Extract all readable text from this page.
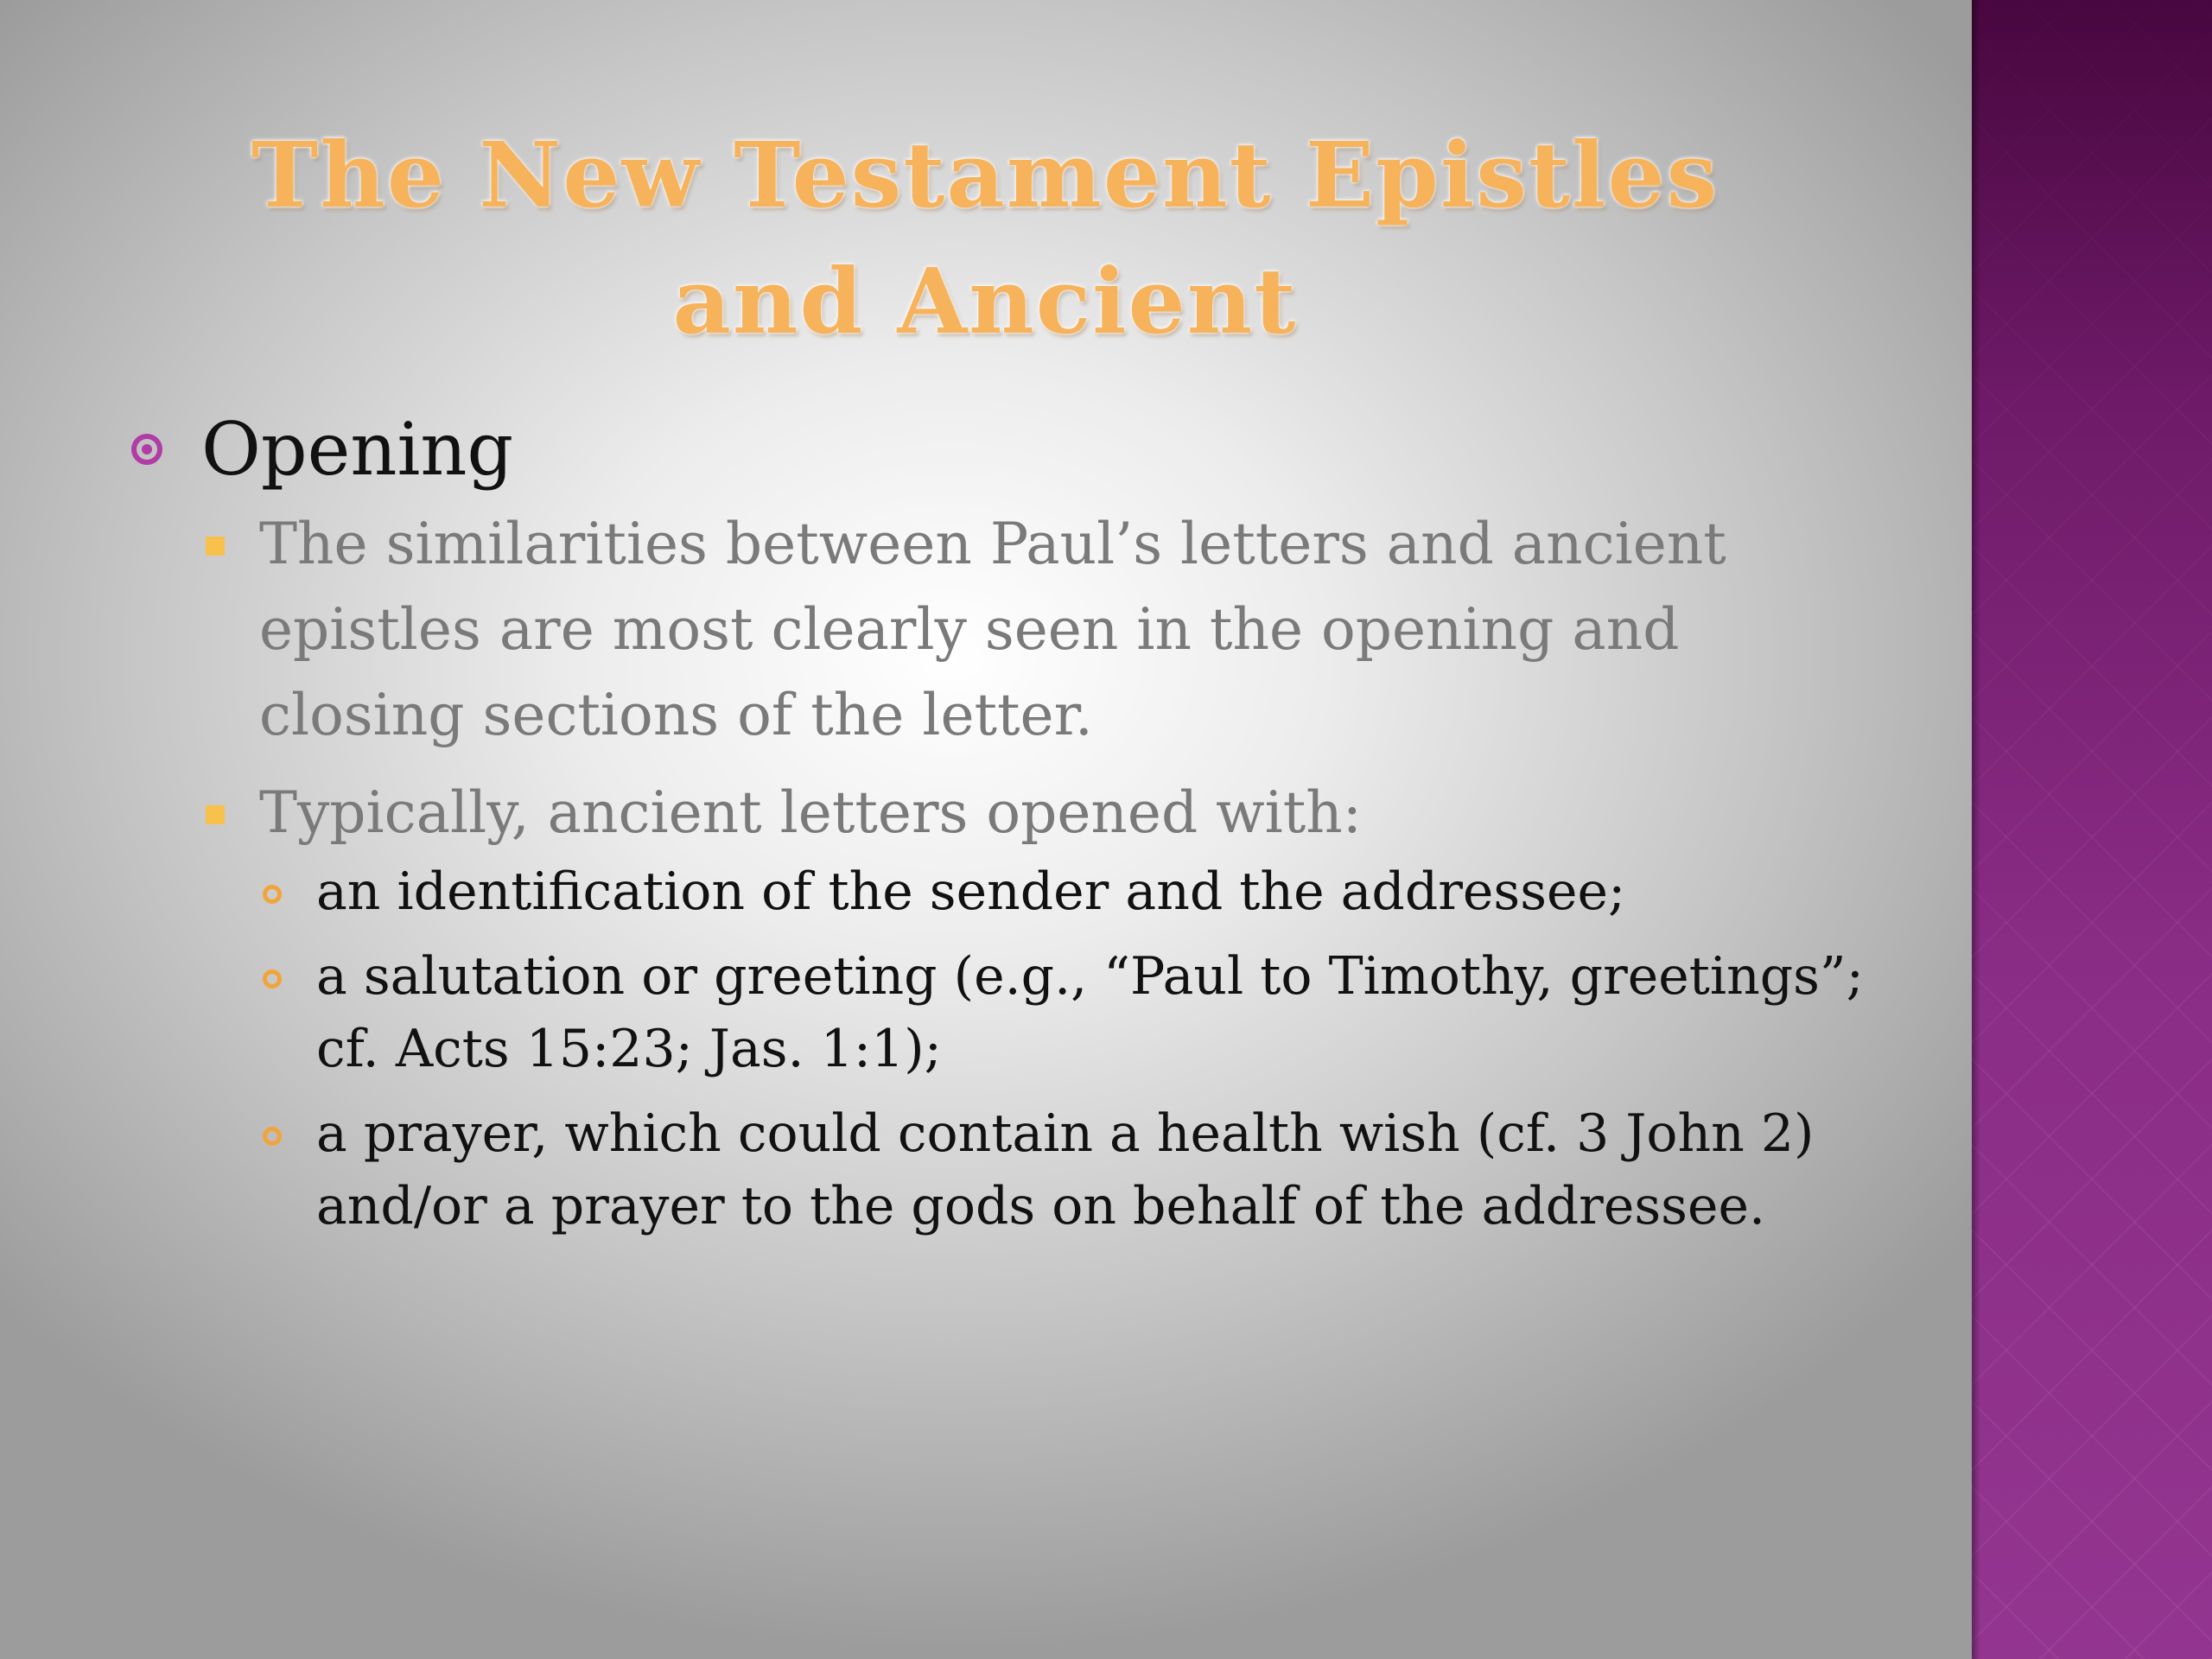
The New Testament Epistles
and Ancient
Opening
The similarities between Paul’s letters and ancient epistles are most clearly seen in the opening and closing sections of the letter.
Typically, ancient letters opened with:
an identification of the sender and the addressee;
a salutation or greeting (e.g., “Paul to Timothy, greetings”; cf. Acts 15:23; Jas. 1:1);
a prayer, which could contain a health wish (cf. 3 John 2) and/or a prayer to the gods on behalf of the addressee.
